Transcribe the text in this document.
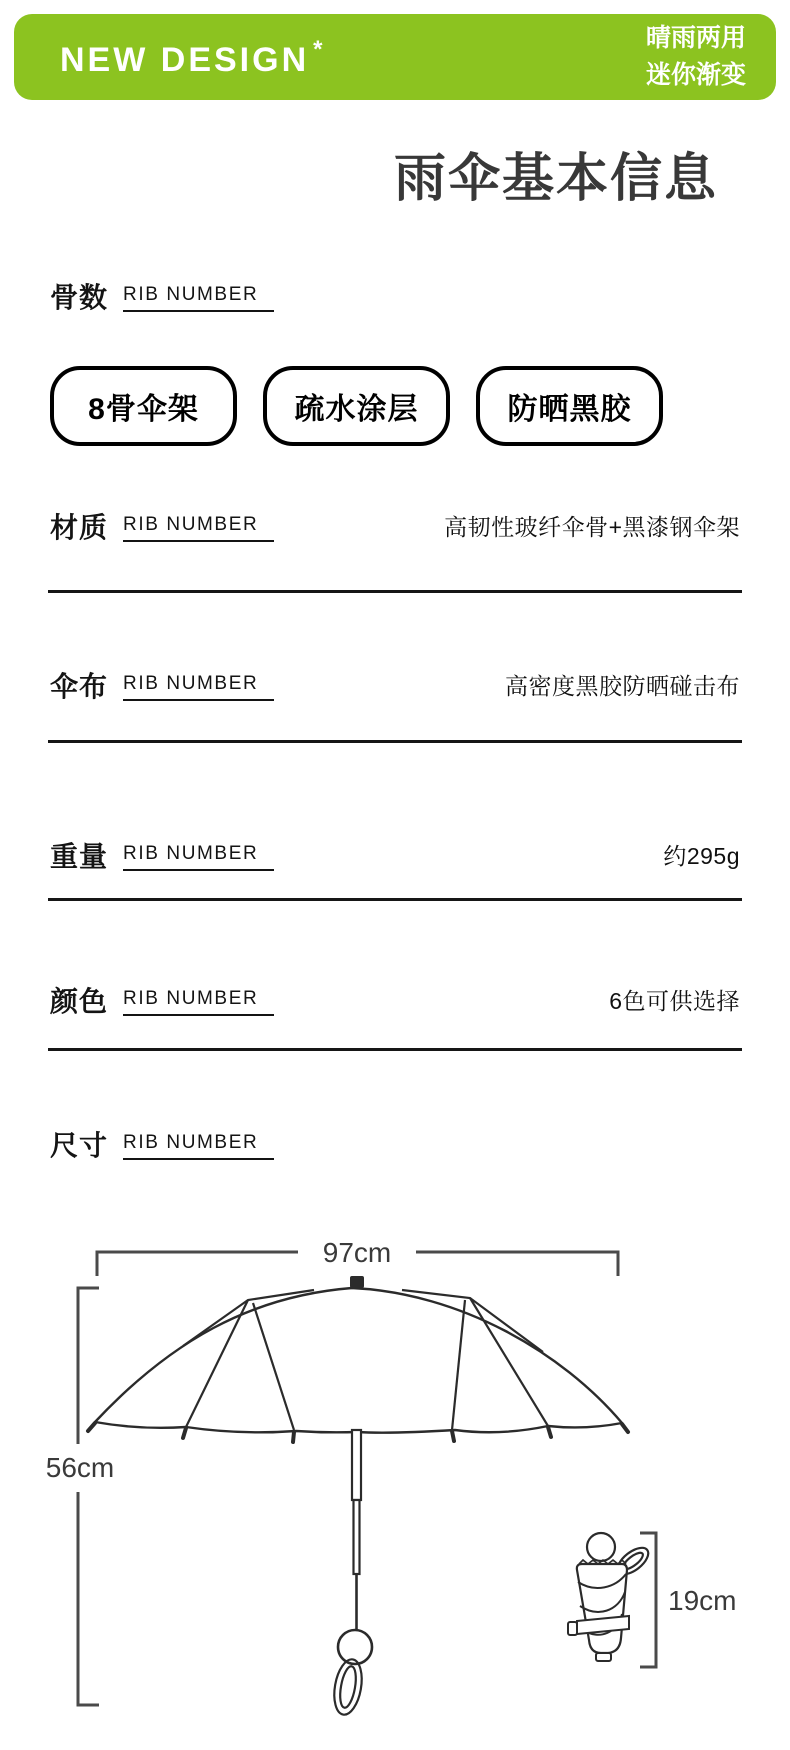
NEW DESIGN *	晴雨两用
迷你渐变
雨伞基本信息
骨数 RIB NUMBER
8骨伞架	疏水涂层	防晒黑胶
材质 RIB NUMBER	高韧性玻纤伞骨+黑漆钢伞架
伞布 RIB NUMBER	高密度黑胶防晒碰击布
重量 RIB NUMBER	约295g
颜色 RIB NUMBER	6色可供选择
尺寸 RIB NUMBER
97cm
56cm
19cm
